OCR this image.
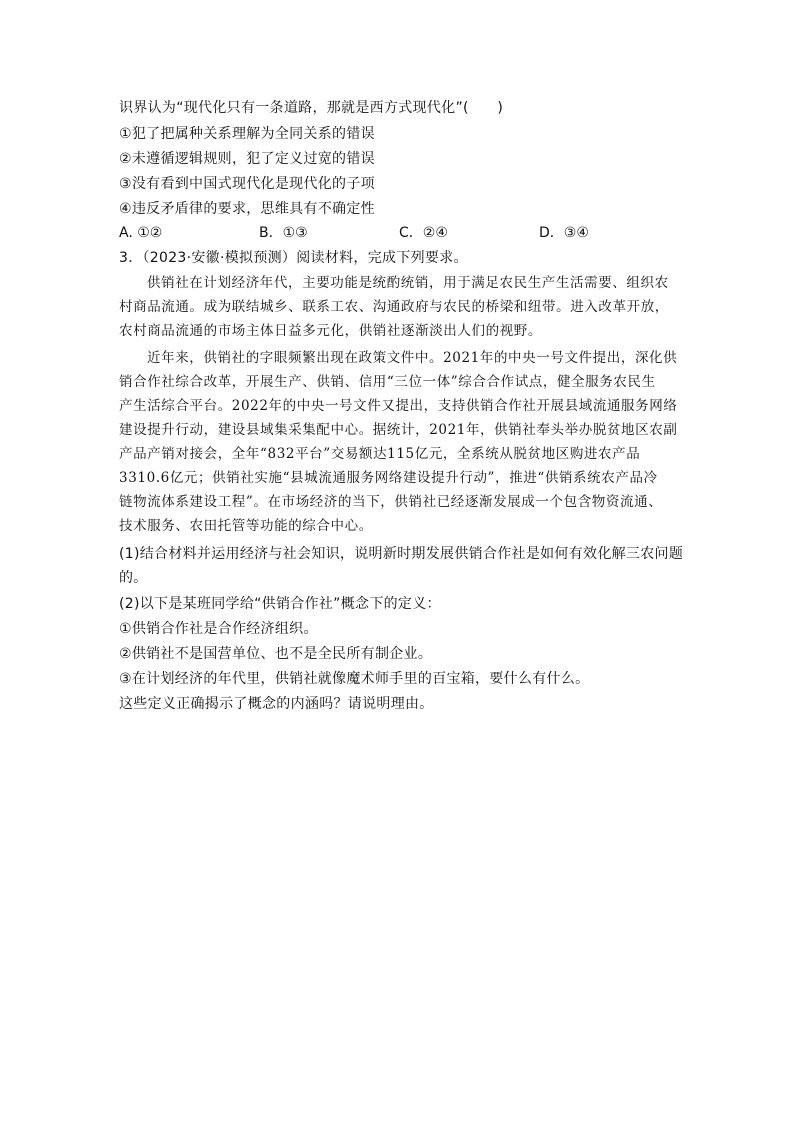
识界认为“现代化只有一条道路，那就是西方式现代化”(　　)
①犯了把属种关系理解为全同关系的错误
②未遵循逻辑规则，犯了定义过宽的错误
③没有看到中国式现代化是现代化的子项
④违反矛盾律的要求，思维具有不确定性
A. ①②	B．①③	C．②④	D．③④
3．（2023·安徽·模拟预测）阅读材料，完成下列要求。
供销社在计划经济年代，主要功能是统酌统销，用于满足农民生产生活需要、组织农
村商品流通。成为联结城乡、联系工农、沟通政府与农民的桥梁和纽带。进入改革开放，
农村商品流通的市场主体日益多元化，供销社逐渐淡出人们的视野。
近年来，供销社的字眼频繁出现在政策文件中。2021年的中央一号文件提出，深化供
销合作社综合改革，开展生产、供销、信用“三位一体”综合合作试点，健全服务农民生
产生活综合平台。2022年的中央一号文件又提出，支持供销合作社开展县域流通服务网络
建设提升行动，建设县域集采集配中心。据统计，2021年，供销社奉头举办脱贫地区农副
产品产销对接会，全年“832平台”交易额达115亿元，全系统从脱贫地区购进农产品
3310.6亿元；供销社实施“县城流通服务网络建设提升行动”，推进“供销系统农产品冷
链物流体系建设工程”。在市场经济的当下，供销社已经逐渐发展成一个包含物资流通、
技术服务、农田托管等功能的综合中心。
(1)结合材料并运用经济与社会知识，说明新时期发展供销合作社是如何有效化解三农问题
的。
(2)以下是某班同学给“供销合作社”概念下的定义：
①供销合作社是合作经济组织。
②供销社不是国营单位、也不是全民所有制企业。
③在计划经济的年代里，供销社就像魔术师手里的百宝箱，要什么有什么。
这些定义正确揭示了概念的内涵吗？请说明理由。
